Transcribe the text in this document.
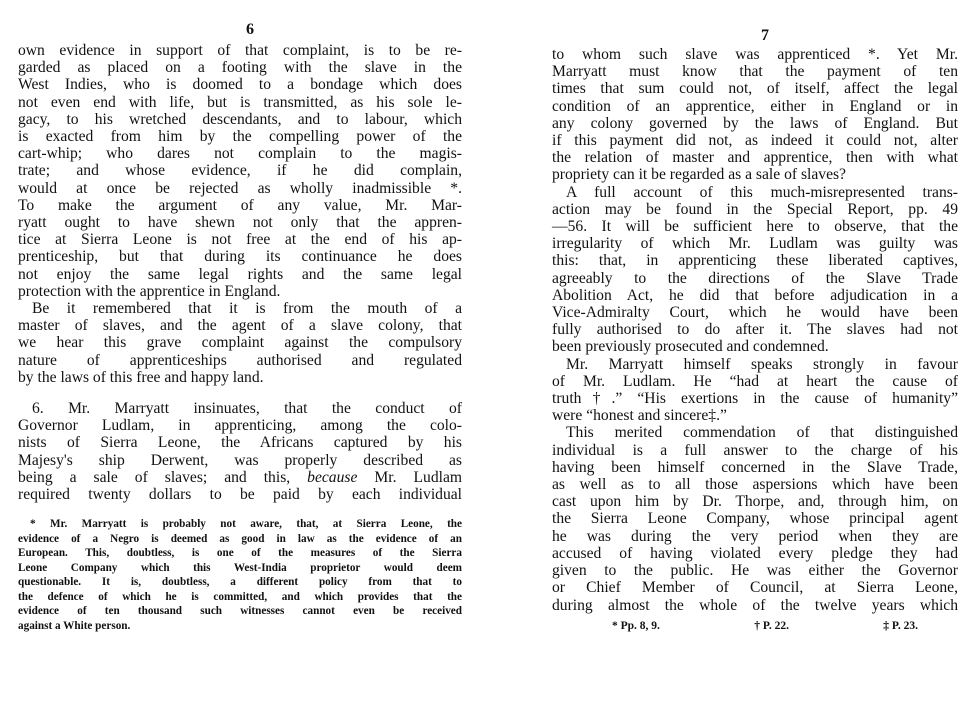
6
own evidence in support of that complaint, is to be re-
garded as placed on a footing with the slave in the
West Indies, who is doomed to a bondage which does
not even end with life, but is transmitted, as his sole le-
gacy, to his wretched descendants, and to labour, which
is exacted from him by the compelling power of the
cart-whip; who dares not complain to the magis-
trate; and whose evidence, if he did complain,
would at once be rejected as wholly inadmissible *.
To make the argument of any value, Mr. Mar-
ryatt ought to have shewn not only that the appren-
tice at Sierra Leone is not free at the end of his ap-
prenticeship, but that during its continuance he does
not enjoy the same legal rights and the same legal
protection with the apprentice in England.
Be it remembered that it is from the mouth of a
master of slaves, and the agent of a slave colony, that
we hear this grave complaint against the compulsory
nature of apprenticeships authorised and regulated
by the laws of this free and happy land.
6. Mr. Marryatt insinuates, that the conduct of
Governor Ludlam, in apprenticing, among the colo-
nists of Sierra Leone, the Africans captured by his
Majesy's ship Derwent, was properly described as
being a sale of slaves; and this, because Mr. Ludlam
required twenty dollars to be paid by each individual
* Mr. Marryatt is probably not aware, that, at Sierra Leone, the
evidence of a Negro is deemed as good in law as the evidence of an
European. This, doubtless, is one of the measures of the Sierra
Leone Company which this West-India proprietor would deem
questionable. It is, doubtless, a different policy from that to
the defence of which he is committed, and which provides that the
evidence of ten thousand such witnesses cannot even be received
against a White person.
7
to whom such slave was apprenticed *. Yet Mr.
Marryatt must know that the payment of ten
times that sum could not, of itself, affect the legal
condition of an apprentice, either in England or in
any colony governed by the laws of England. But
if this payment did not, as indeed it could not, alter
the relation of master and apprentice, then with what
propriety can it be regarded as a sale of slaves?
A full account of this much-misrepresented trans-
action may be found in the Special Report, pp. 49
—56. It will be sufficient here to observe, that the
irregularity of which Mr. Ludlam was guilty was
this: that, in apprenticing these liberated captives,
agreeably to the directions of the Slave Trade
Abolition Act, he did that before adjudication in a
Vice-Admiralty Court, which he would have been
fully authorised to do after it. The slaves had not
been previously prosecuted and condemned.
Mr. Marryatt himself speaks strongly in favour
of Mr. Ludlam. He “had at heart the cause of
truth†.” “His exertions in the cause of humanity”
were “honest and sincere‡.”
This merited commendation of that distinguished
individual is a full answer to the charge of his
having been himself concerned in the Slave Trade,
as well as to all those aspersions which have been
cast upon him by Dr. Thorpe, and, through him, on
the Sierra Leone Company, whose principal agent
he was during the very period when they are
accused of having violated every pledge they had
given to the public. He was either the Governor
or Chief Member of Council, at Sierra Leone,
during almost the whole of the twelve years which
* Pp. 8, 9.	† P. 22.	‡ P. 23.
